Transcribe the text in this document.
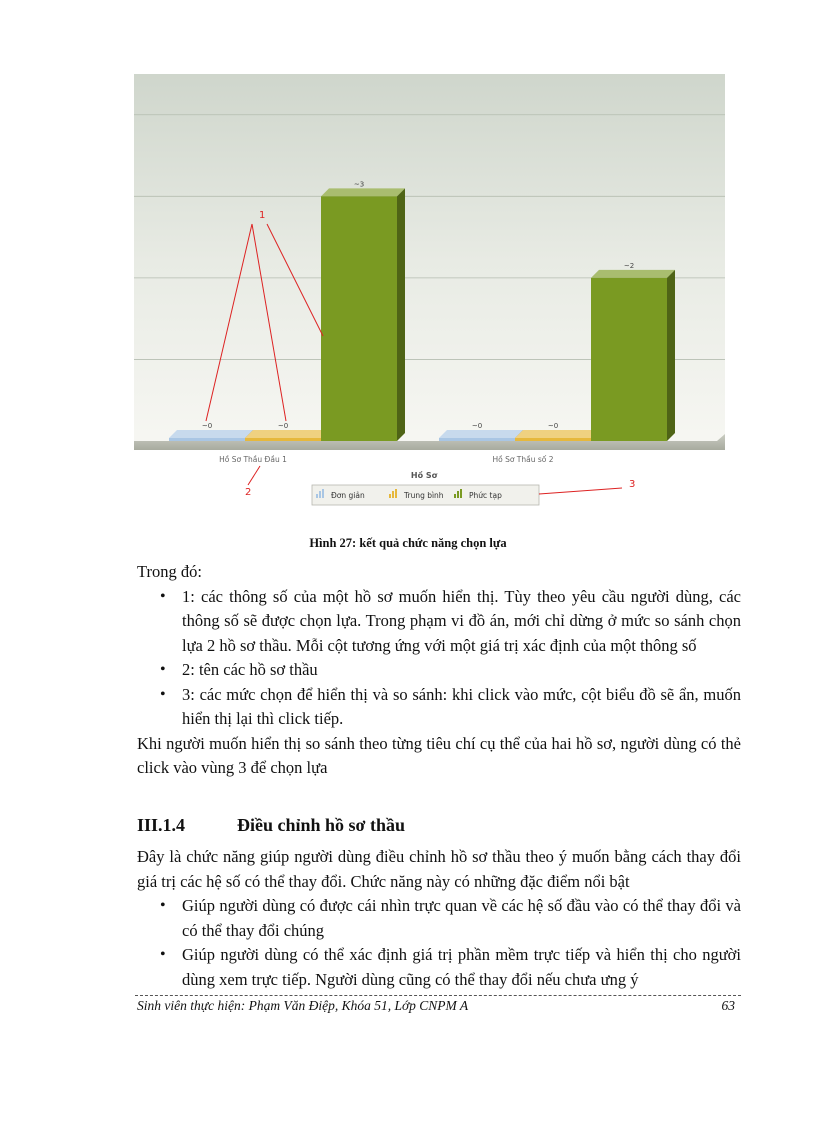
~0	~0
~3
~0	~0
~2
Hồ Sơ Thầu Đầu 1	Hồ Sơ Thầu số 2
Hồ Sơ
Đơn giản	Trung bình	Phức tạp
1
2
3
Hình 27: kết quả chức năng chọn lựa

Trong đó:

• 1: các thông số của một hồ sơ muốn hiển thị. Tùy theo yêu cầu người dùng, các thông số sẽ được chọn lựa. Trong phạm vi đồ án, mới chỉ dừng ở mức so sánh chọn lựa 2 hồ sơ thầu. Mỗi cột tương ứng với một giá trị xác định của một thông số
• 2: tên các hồ sơ thầu
• 3: các mức chọn để hiển thị và so sánh: khi click vào mức, cột biểu đồ sẽ ẩn, muốn hiển thị lại thì click tiếp.

Khi người muốn hiển thị so sánh theo từng tiêu chí cụ thể của hai hồ sơ, người dùng có thẻ click vào vùng 3 để chọn lựa

III.1.4	Điều chỉnh hồ sơ thầu

Đây là chức năng giúp người dùng điều chỉnh hồ sơ thầu theo ý muốn bằng cách thay đổi giá trị các hệ số có thể thay đổi. Chức năng này có những đặc điểm nổi bật

• Giúp người dùng có được cái nhìn trực quan về các hệ số đầu vào có thể thay đổi và có thể thay đổi chúng
• Giúp người dùng có thể xác định giá trị phần mềm trực tiếp và hiển thị cho người dùng xem trực tiếp. Người dùng cũng có thể thay đổi nếu chưa ưng ý
Sinh viên thực hiện: Phạm Văn Điệp, Khóa 51, Lớp CNPM A	63
